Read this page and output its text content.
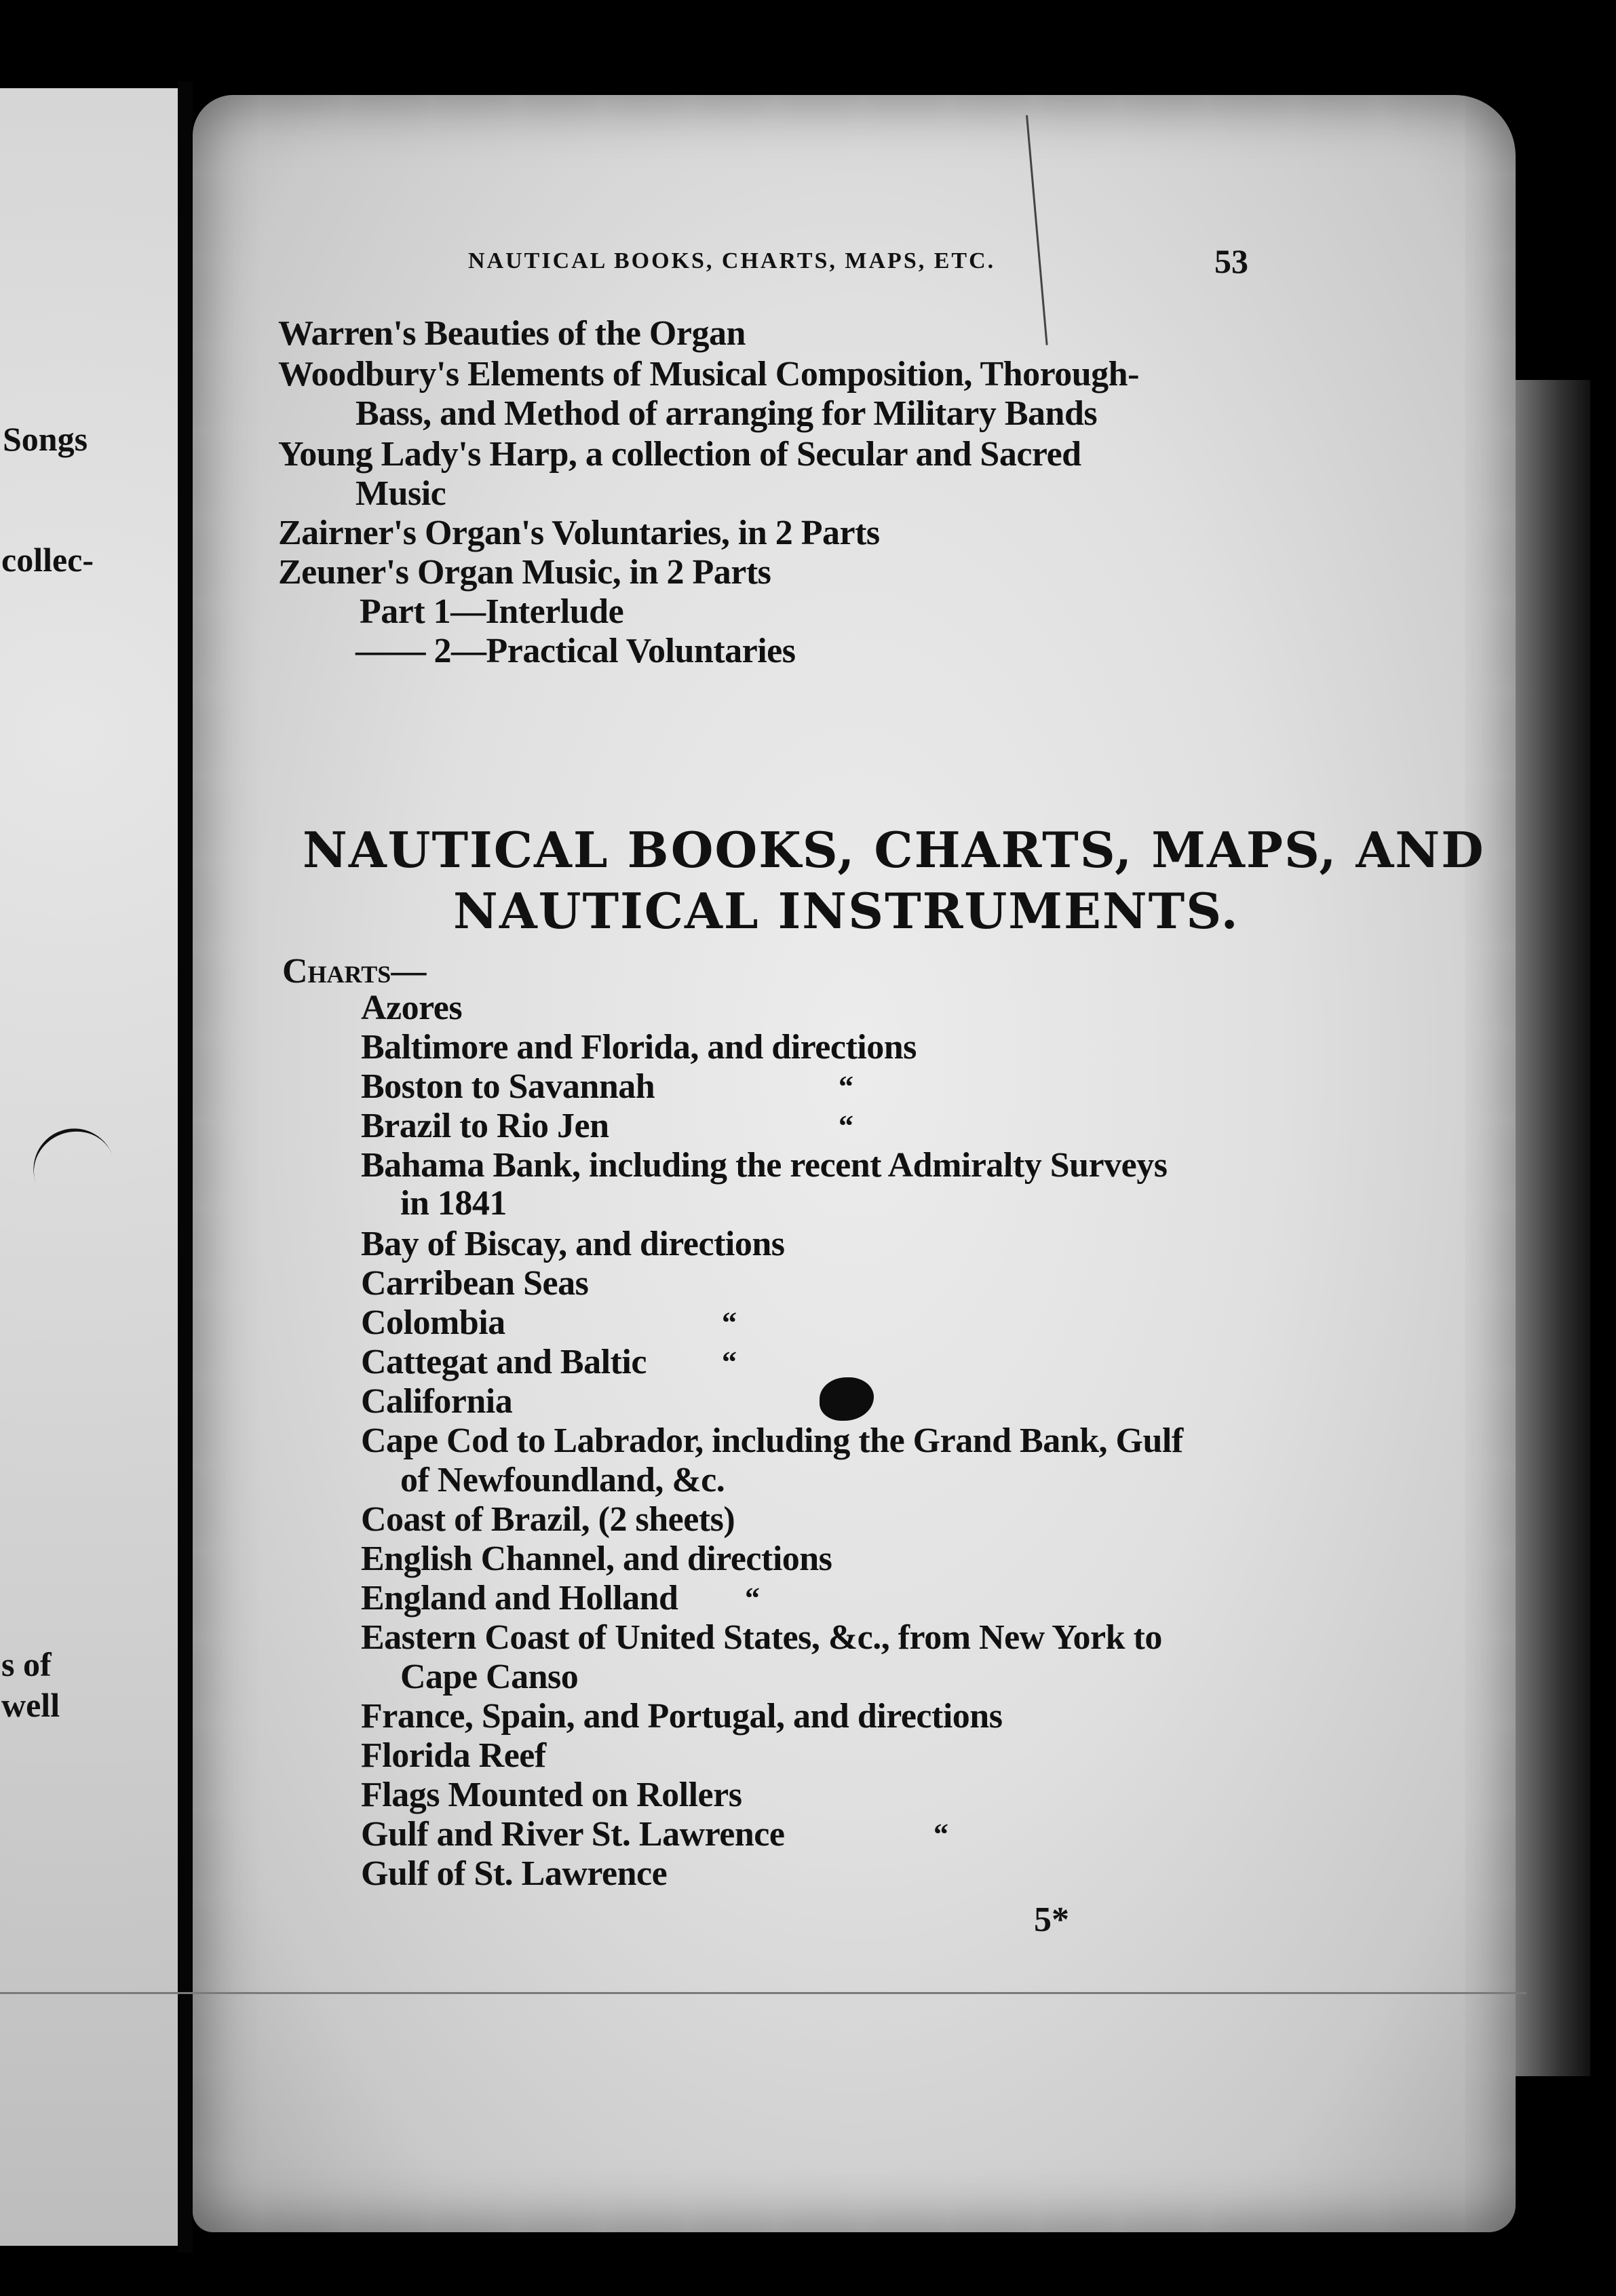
Songs
collec-
s of
well
NAUTICAL BOOKS, CHARTS, MAPS, ETC.	53
Warren's Beauties of the Organ
Woodbury's Elements of Musical Composition, Thorough-
Bass, and Method of arranging for Military Bands
Young Lady's Harp, a collection of Secular and Sacred
Music
Zairner's Organ's Voluntaries, in 2 Parts
Zeuner's Organ Music, in 2 Parts
Part 1—Interlude
—— 2—Practical Voluntaries
NAUTICAL BOOKS, CHARTS, MAPS, AND
NAUTICAL INSTRUMENTS.
Charts—
Azores
Baltimore and Florida, and directions
Boston to Savannah	“
Brazil to Rio Jen	“
Bahama Bank, including the recent Admiralty Surveys
in 1841
Bay of Biscay, and directions
Carribean Seas
Colombia	“
Cattegat and Baltic	“
California
Cape Cod to Labrador, including the Grand Bank, Gulf
of Newfoundland, &c.
Coast of Brazil, (2 sheets)
English Channel, and directions
England and Holland “
Eastern Coast of United States, &c., from New York to
Cape Canso
France, Spain, and Portugal, and directions
Florida Reef
Flags Mounted on Rollers
Gulf and River St. Lawrence	“
Gulf of St. Lawrence
5*
